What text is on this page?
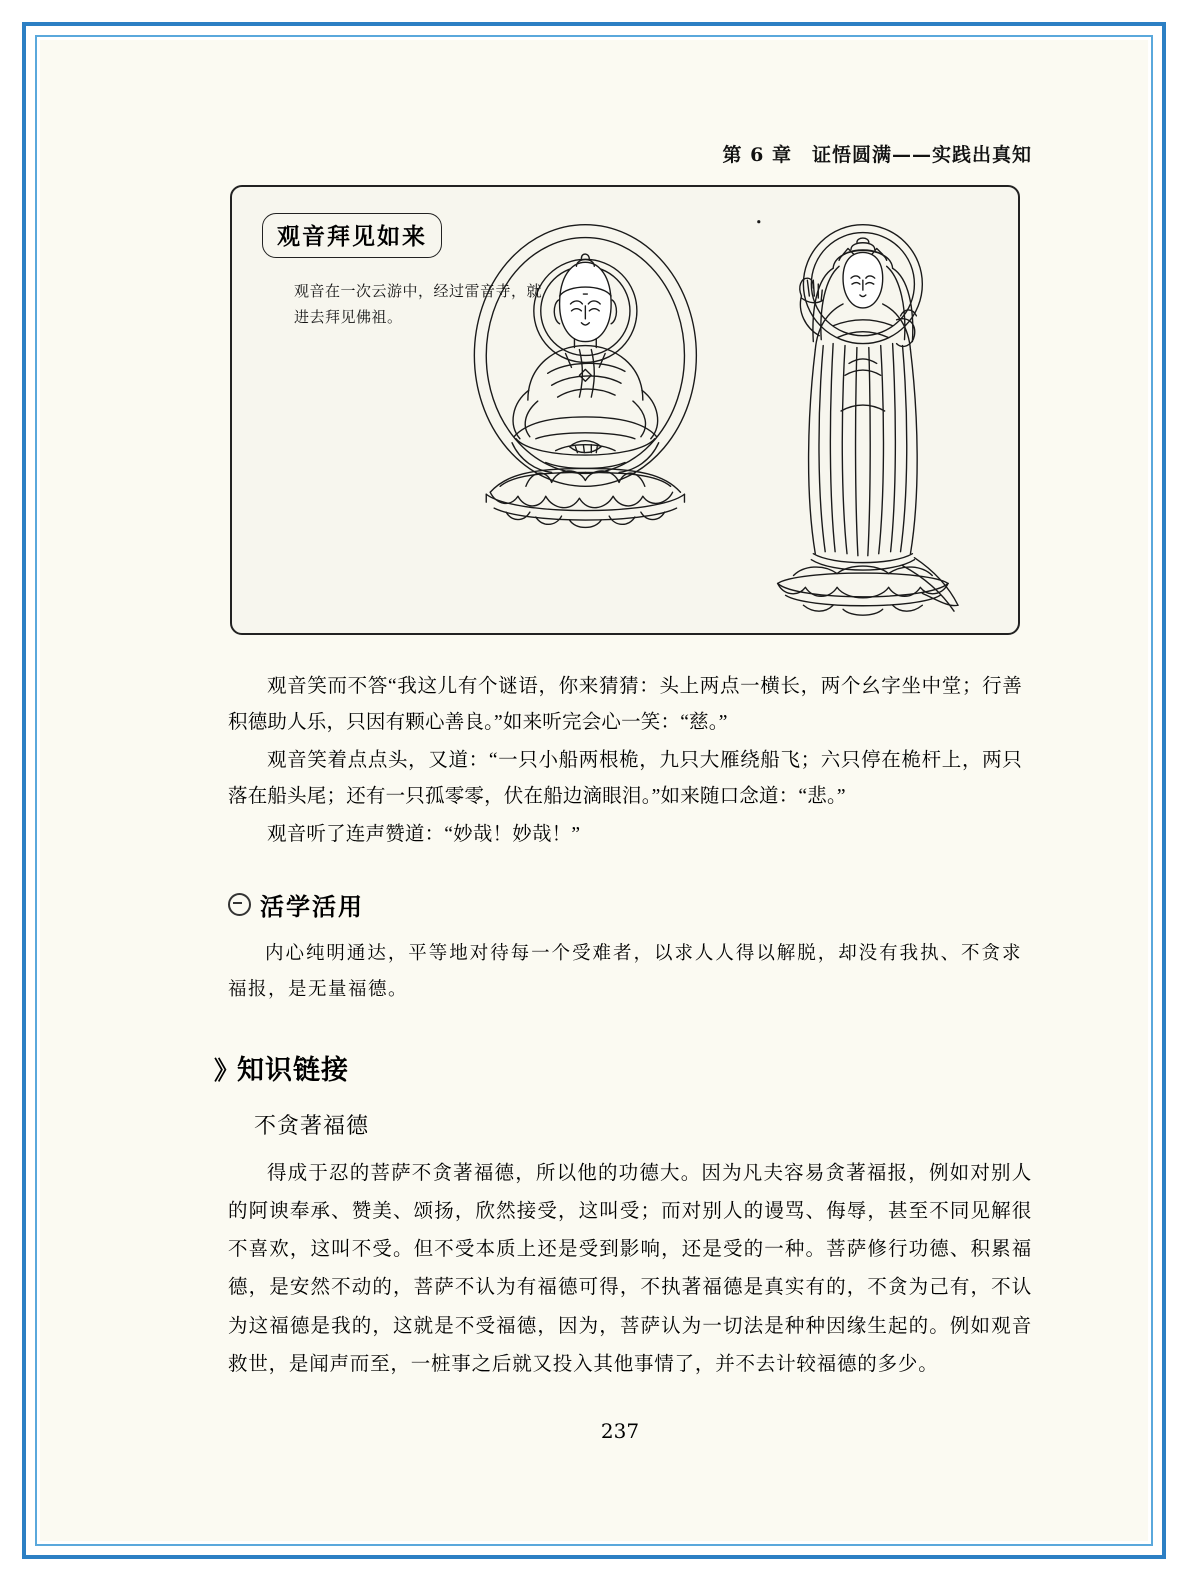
第 6 章 证悟圆满——实践出真知
观音拜见如来
观音在一次云游中，经过雷音寺，就进去拜见佛祖。

观音笑而不答“我这儿有个谜语，你来猜猜：头上两点一横长，两个幺字坐中堂；行善积德助人乐，只因有颗心善良。”如来听完会心一笑：“慈。”

观音笑着点点头，又道：“一只小船两根桅，九只大雁绕船飞；六只停在桅杆上，两只落在船头尾；还有一只孤零零，伏在船边滴眼泪。”如来随口念道：“悲。”

观音听了连声赞道：“妙哉！妙哉！”

活学活用

内心纯明通达，平等地对待每一个受难者，以求人人得以解脱，却没有我执、不贪求福报，是无量福德。

》 知识链接
不贪著福德

得成于忍的菩萨不贪著福德，所以他的功德大。因为凡夫容易贪著福报，例如对别人的阿谀奉承、赞美、颂扬，欣然接受，这叫受；而对别人的谩骂、侮辱，甚至不同见解很不喜欢，这叫不受。但不受本质上还是受到影响，还是受的一种。菩萨修行功德、积累福德，是安然不动的，菩萨不认为有福德可得，不执著福德是真实有的，不贪为己有，不认为这福德是我的，这就是不受福德，因为，菩萨认为一切法是种种因缘生起的。例如观音救世，是闻声而至，一桩事之后就又投入其他事情了，并不去计较福德的多少。

237
